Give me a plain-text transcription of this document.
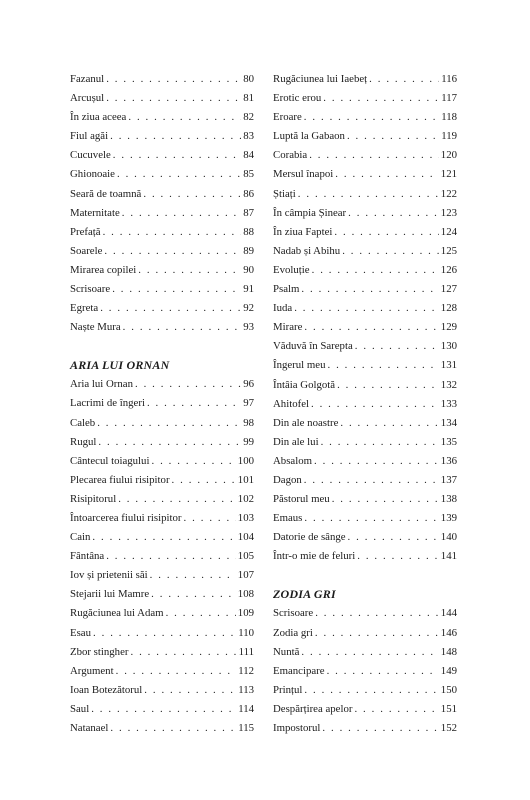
Fazanul . . .	80
Arcușul . . .	81
În ziua aceea . . .	82
Fiul agăi . . .	83
Cucuvele . . .	84
Ghionoaie . . .	85
Seară de toamnă . . .	86
Maternitate . . .	87
Prefață . . .	88
Soarele . . .	89
Mirarea copilei . . .	90
Scrisoare . . .	91
Egreta . . .	92
Naște Mura . . .	93
ARIA LUI ORNAN
Aria lui Ornan . . .	96
Lacrimi de îngeri . . .	97
Caleb . . .	98
Rugul . . .	99
Cântecul toiagului . . .	100
Plecarea fiului risipitor . . .	101
Risipitorul . . .	102
Întoarcerea fiului risipitor . . .	103
Cain . . .	104
Fântâna . . .	105
Iov și prietenii săi . . .	107
Stejarii lui Mamre . . .	108
Rugăciunea lui Adam . . .	109
Esau . . .	110
Zbor stingher . . .	111
Argument . . .	112
Ioan Botezătorul . . .	113
Saul . . .	114
Natanael . . .	115
Rugăciunea lui Iaebeț . . .	116
Erotic erou . . .	117
Eroare . . .	118
Luptă la Gabaon . . .	119
Corabia . . .	120
Mersul înapoi . . .	121
Știați . . .	122
În câmpia Șinear . . .	123
În ziua Faptei . . .	124
Nadab și Abihu . . .	125
Evoluție . . .	126
Psalm . . .	127
Iuda . . .	128
Mirare . . .	129
Văduvă în Sarepta . . .	130
Îngerul meu . . .	131
Întâia Golgotă . . .	132
Ahitofel . . .	133
Din ale noastre . . .	134
Din ale lui . . .	135
Absalom . . .	136
Dagon . . .	137
Păstorul meu . . .	138
Emaus . . .	139
Datorie de sânge . . .	140
Într-o mie de feluri . . .	141
ZODIA GRI
Scrisoare . . .	144
Zodia gri . . .	146
Nuntă . . .	148
Emancipare . . .	149
Prințul . . .	150
Despărțirea apelor . . .	151
Impostorul . . .	152
